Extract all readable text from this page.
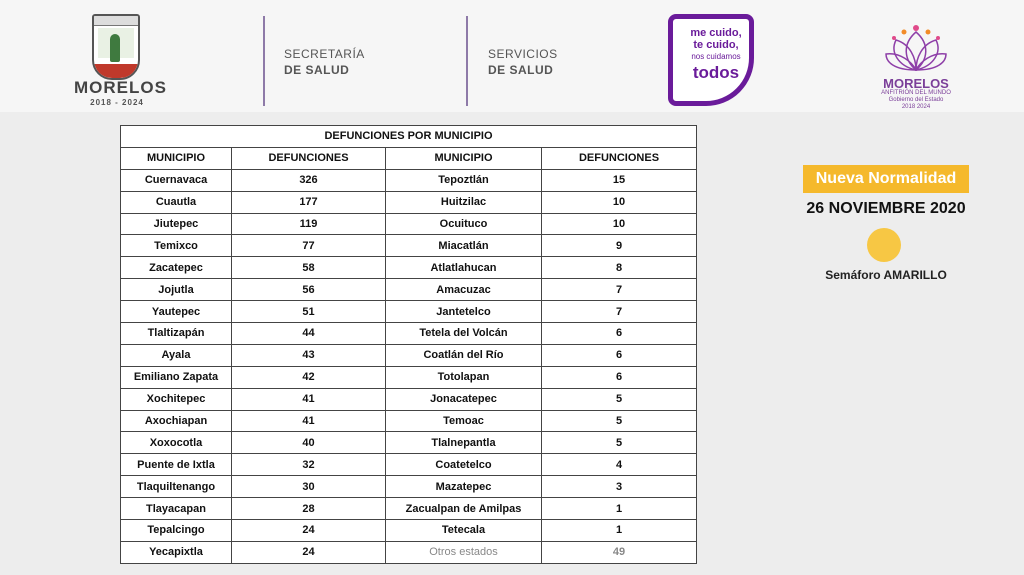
MORELOS
2018 - 2024
SECRETARÍA
DE SALUD
SERVICIOS
DE SALUD
me cuido,
te cuido,
nos cuidamos
todos
MORELOS
ANFITRIÓN DEL MUNDO
Gobierno del Estado
2018 2024
DEFUNCIONES POR MUNICIPIO			
MUNICIPIO	DEFUNCIONES	MUNICIPIO	DEFUNCIONES
Cuernavaca	326	Tepoztlán	15
Cuautla	177	Huitzilac	10
Jiutepec	119	Ocuituco	10
Temixco	77	Miacatlán	9
Zacatepec	58	Atlatlahucan	8
Jojutla	56	Amacuzac	7
Yautepec	51	Jantetelco	7
Tlaltizapán	44	Tetela del Volcán	6
Ayala	43	Coatlán del Río	6
Emiliano Zapata	42	Totolapan	6
Xochitepec	41	Jonacatepec	5
Axochiapan	41	Temoac	5
Xoxocotla	40	Tlalnepantla	5
Puente de Ixtla	32	Coatetelco	4
Tlaquiltenango	30	Mazatepec	3
Tlayacapan	28	Zacualpan de Amilpas	1
Tepalcingo	24	Tetecala	1
Yecapixtla	24	Otros estados	49
Nueva Normalidad
26 NOVIEMBRE 2020
Semáforo AMARILLO
